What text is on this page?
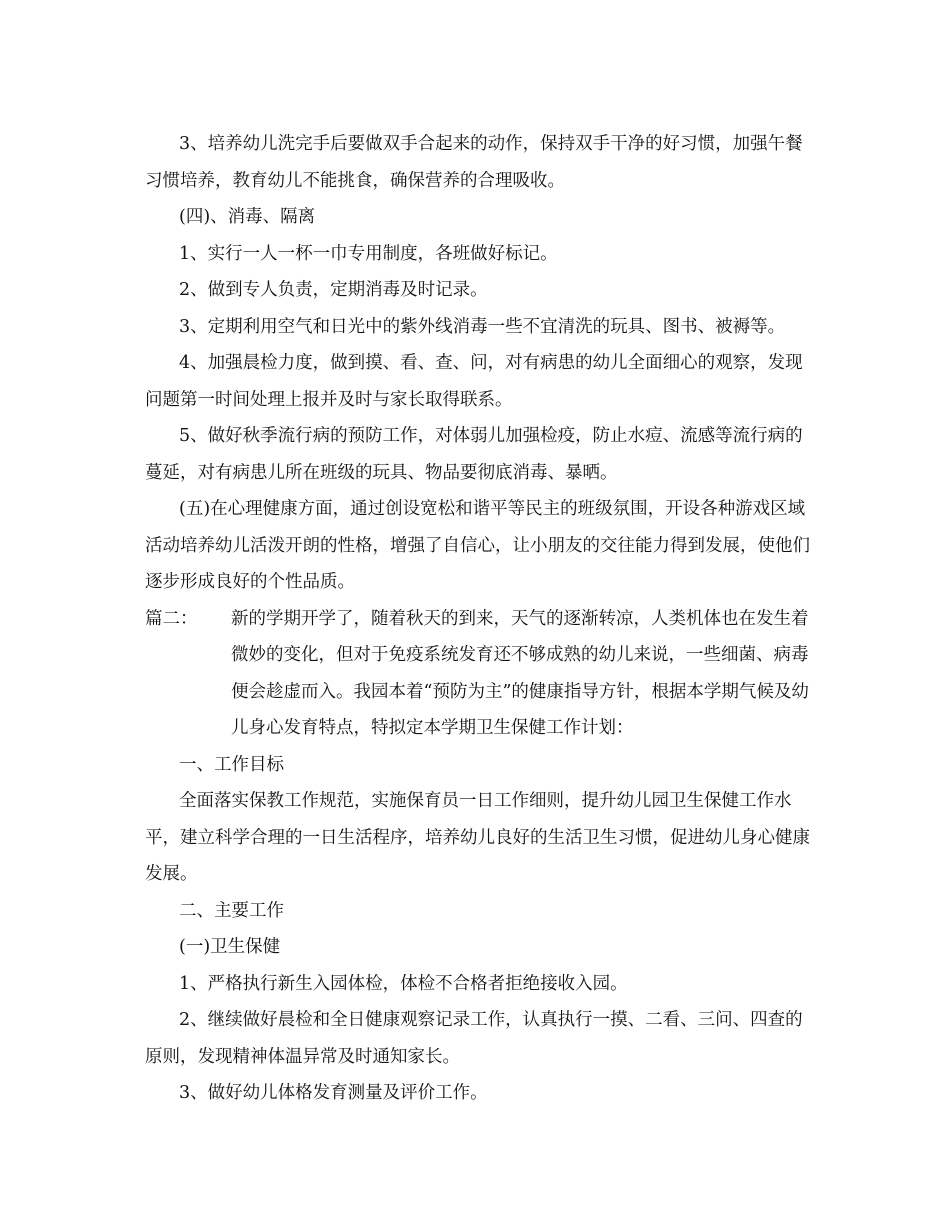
3、培养幼儿洗完手后要做双手合起来的动作，保持双手干净的好习惯，加强午餐习惯培养，教育幼儿不能挑食，确保营养的合理吸收。

(四)、消毒、隔离

1、实行一人一杯一巾专用制度，各班做好标记。

2、做到专人负责，定期消毒及时记录。

3、定期利用空气和日光中的紫外线消毒一些不宜清洗的玩具、图书、被褥等。

4、加强晨检力度，做到摸、看、查、问，对有病患的幼儿全面细心的观察，发现问题第一时间处理上报并及时与家长取得联系。

5、做好秋季流行病的预防工作，对体弱儿加强检疫，防止水痘、流感等流行病的蔓延，对有病患儿所在班级的玩具、物品要彻底消毒、暴晒。

(五)在心理健康方面，通过创设宽松和谐平等民主的班级氛围，开设各种游戏区域活动培养幼儿活泼开朗的性格，增强了自信心，让小朋友的交往能力得到发展，使他们逐步形成良好的个性品质。

篇二：	新的学期开学了，随着秋天的到来，天气的逐渐转凉，人类机体也在发生着微妙的变化，但对于免疫系统发育还不够成熟的幼儿来说，一些细菌、病毒便会趁虚而入。我园本着“预防为主”的健康指导方针，根据本学期气候及幼儿身心发育特点，特拟定本学期卫生保健工作计划：

一、工作目标

全面落实保教工作规范，实施保育员一日工作细则，提升幼儿园卫生保健工作水平，建立科学合理的一日生活程序，培养幼儿良好的生活卫生习惯，促进幼儿身心健康发展。

二、主要工作

(一)卫生保健

1、严格执行新生入园体检，体检不合格者拒绝接收入园。

2、继续做好晨检和全日健康观察记录工作，认真执行一摸、二看、三问、四查的原则，发现精神体温异常及时通知家长。

3、做好幼儿体格发育测量及评价工作。
